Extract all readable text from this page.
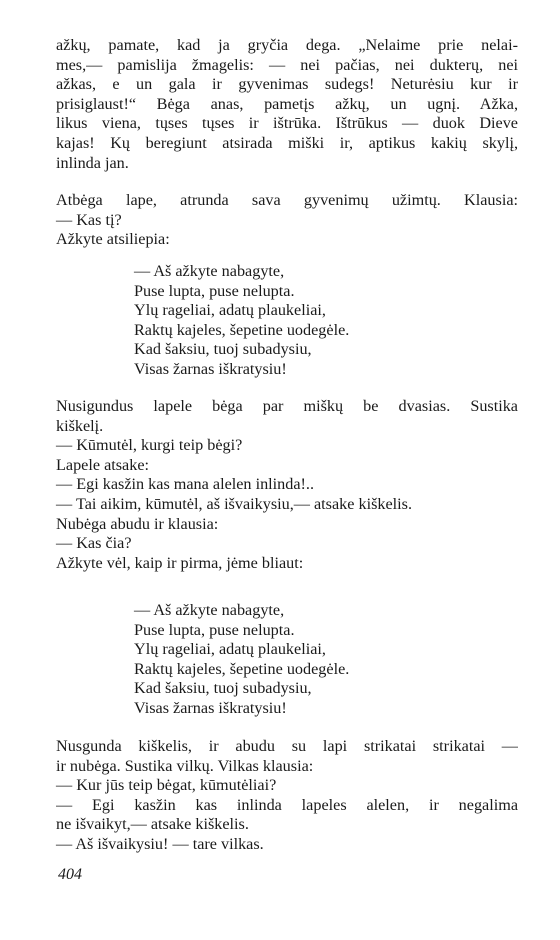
ažkų, pamate, kad ja gryčia dega. „Nelaime prie nelai-
mes,— pamislija žmagelis: — nei pačias, nei dukterų, nei
ažkas, e un gala ir gyvenimas sudegs! Neturėsiu kur ir
prisiglaust!“ Bėga anas, pametįs ažkų, un ugnį. Ažka,
likus viena, tųses tųses ir ištrūka. Ištrūkus — duok Dieve
kajas! Kų beregiunt atsirada miški ir, aptikus kakių skylį,
inlinda jan.
Atbėga lape, atrunda sava gyvenimų užimtų. Klausia:
— Kas tį?
Ažkyte atsiliepia:
— Aš ažkyte nabagyte,
Puse lupta, puse nelupta.
Ylų rageliai, adatų plaukeliai,
Raktų kajeles, šepetine uodegėle.
Kad šaksiu, tuoj subadysiu,
Visas žarnas iškratysiu!
Nusigundus lapele bėga par miškų be dvasias. Sustika
kiškelį.
— Kūmutėl, kurgi teip bėgi?
Lapele atsake:
— Egi kasžin kas mana alelen inlinda!..
— Tai aikim, kūmutėl, aš išvaikysiu,— atsake kiškelis.
Nubėga abudu ir klausia:
— Kas čia?
Ažkyte vėl, kaip ir pirma, jėme bliaut:
— Aš ažkyte nabagyte,
Puse lupta, puse nelupta.
Ylų rageliai, adatų plaukeliai,
Raktų kajeles, šepetine uodegėle.
Kad šaksiu, tuoj subadysiu,
Visas žarnas iškratysiu!
Nusgunda kiškelis, ir abudu su lapi strikatai strikatai —
ir nubėga. Sustika vilkų. Vilkas klausia:
— Kur jūs teip bėgat, kūmutėliai?
— Egi kasžin kas inlinda lapeles alelen, ir negalima
ne išvaikyt,— atsake kiškelis.
— Aš išvaikysiu! — tare vilkas.
404
